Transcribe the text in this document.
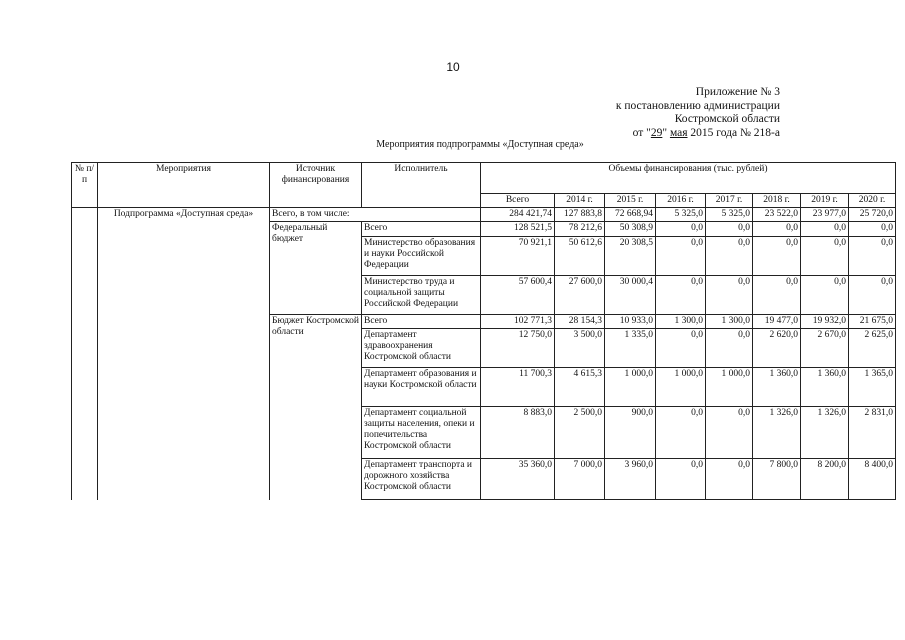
10
Приложение № 3
к постановлению администрации
Костромской области
от "29" мая 2015 года № 218-а
Мероприятия подпрограммы «Доступная среда»
№ п/п	Мероприятия	Источник финансирования	Исполнитель	Объемы финансирования (тыс. рублей)							
				Всего	2014 г.	2015 г.	2016 г.	2017 г.	2018 г.	2019 г.	2020 г.
	Подпрограмма «Доступная среда»	Всего, в том числе:		284 421,74	127 883,8	72 668,94	5 325,0	5 325,0	23 522,0	23 977,0	25 720,0
		Федеральный бюджет	Всего	128 521,5	78 212,6	50 308,9	0,0	0,0	0,0	0,0	0,0
			Министерство образования и науки Российской Федерации	70 921,1	50 612,6	20 308,5	0,0	0,0	0,0	0,0	0,0
			Министерство труда и социальной защиты Российской Федерации	57 600,4	27 600,0	30 000,4	0,0	0,0	0,0	0,0	0,0
		Бюджет Костромской области	Всего	102 771,3	28 154,3	10 933,0	1 300,0	1 300,0	19 477,0	19 932,0	21 675,0
			Департамент здравоохранения Костромской области	12 750,0	3 500,0	1 335,0	0,0	0,0	2 620,0	2 670,0	2 625,0
			Департамент образования и науки Костромской области	11 700,3	4 615,3	1 000,0	1 000,0	1 000,0	1 360,0	1 360,0	1 365,0
			Департамент социальной защиты населения, опеки и попечительства Костромской области	8 883,0	2 500,0	900,0	0,0	0,0	1 326,0	1 326,0	2 831,0
			Департамент транспорта и дорожного хозяйства Костромской области	35 360,0	7 000,0	3 960,0	0,0	0,0	7 800,0	8 200,0	8 400,0
